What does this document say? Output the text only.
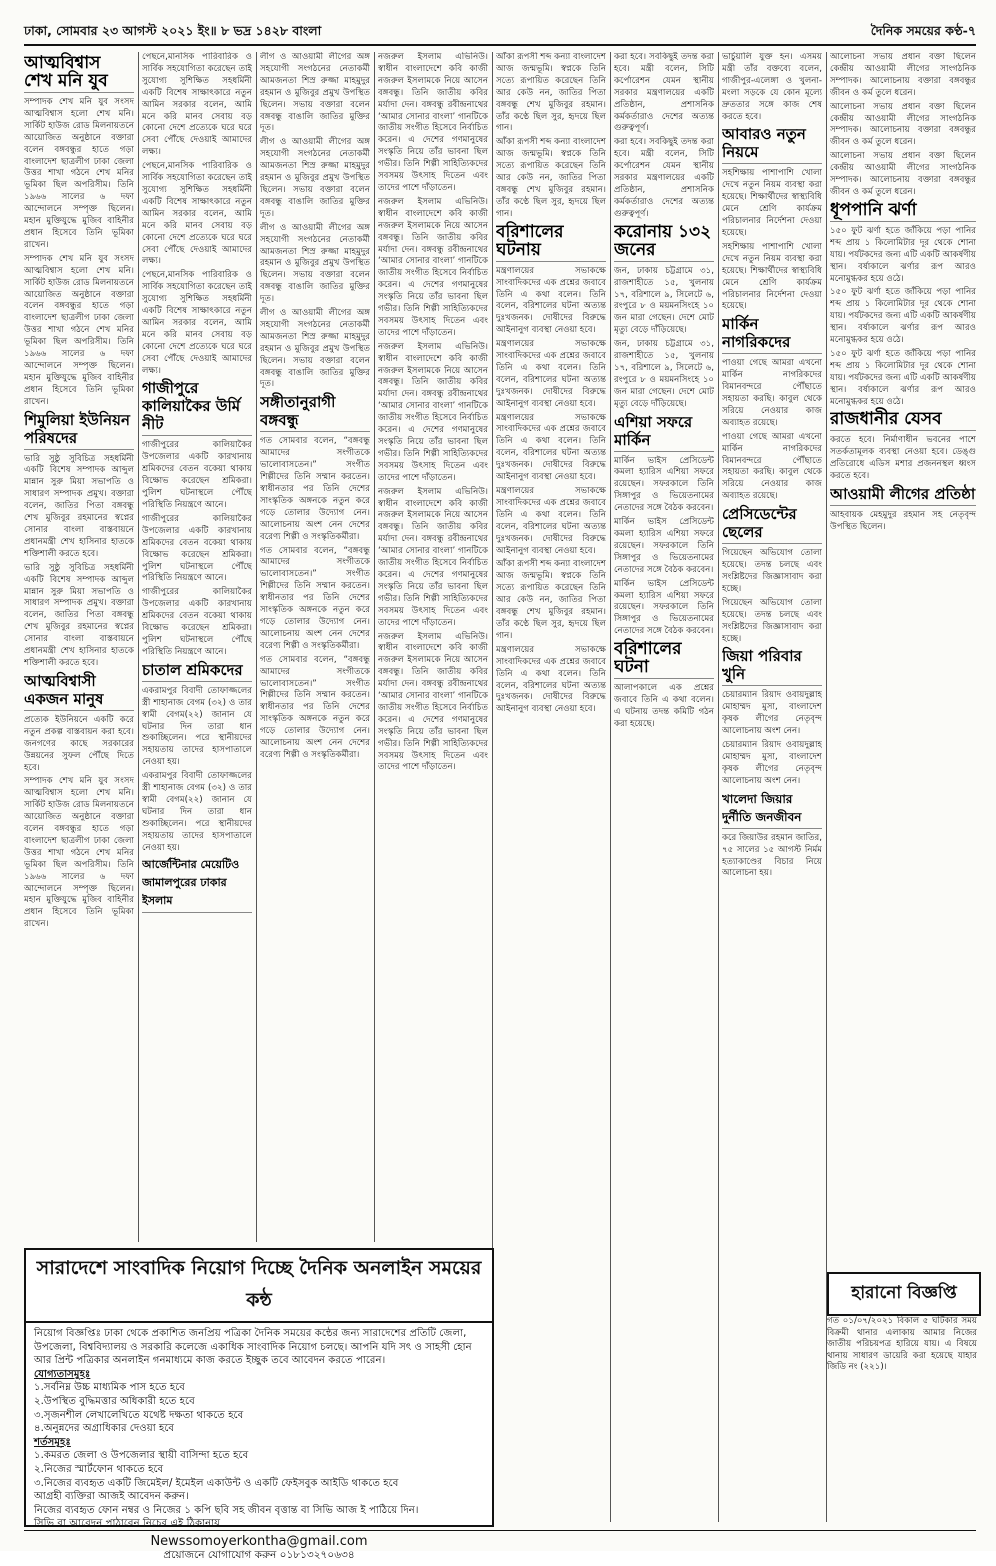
ঢাকা, সোমবার ২৩ আগস্ট ২০২১ ইং॥ ৮ ভদ্র ১৪২৮ বাংলা	দৈনিক সময়ের কণ্ঠ-৭
আত্মবিশ্বাস শেখ মনি যুব

সম্পাদক শেখ মনি যুব সংসদ আত্মবিশ্বাস হলো শেখ মনি। সার্কিট হাউজ রোড মিলনায়তনে আয়োজিত অনুষ্ঠানে বক্তারা বলেন বঙ্গবন্ধুর হাতে গড়া বাংলাদেশ ছাত্রলীগ ঢাকা জেলা উত্তর শাখা গঠনে শেখ মনির ভূমিকা ছিল অপরিসীম। তিনি ১৯৬৬ সালের ৬ দফা আন্দোলনে সম্পৃক্ত ছিলেন। মহান মুক্তিযুদ্ধে মুজিব বাহিনীর প্রধান হিসেবে তিনি ভূমিকা রাখেন।

সম্পাদক শেখ মনি যুব সংসদ আত্মবিশ্বাস হলো শেখ মনি। সার্কিট হাউজ রোড মিলনায়তনে আয়োজিত অনুষ্ঠানে বক্তারা বলেন বঙ্গবন্ধুর হাতে গড়া বাংলাদেশ ছাত্রলীগ ঢাকা জেলা উত্তর শাখা গঠনে শেখ মনির ভূমিকা ছিল অপরিসীম। তিনি ১৯৬৬ সালের ৬ দফা আন্দোলনে সম্পৃক্ত ছিলেন। মহান মুক্তিযুদ্ধে মুজিব বাহিনীর প্রধান হিসেবে তিনি ভূমিকা রাখেন।

শিমুলিয়া ইউনিয়ন পরিষদের

ভারি সুষ্ঠু সুবিচিত্র সহধর্মিনী একটি বিশেষ সম্পাদক আব্দুল মান্নান সুরু মিয়া সভাপতি ও সাধারণ সম্পাদক প্রমুখ। বক্তারা বলেন, জাতির পিতা বঙ্গবন্ধু শেখ মুজিবুর রহমানের স্বপ্নের সোনার বাংলা বাস্তবায়নে প্রধানমন্ত্রী শেখ হাসিনার হাতকে শক্তিশালী করতে হবে।

ভারি সুষ্ঠু সুবিচিত্র সহধর্মিনী একটি বিশেষ সম্পাদক আব্দুল মান্নান সুরু মিয়া সভাপতি ও সাধারণ সম্পাদক প্রমুখ। বক্তারা বলেন, জাতির পিতা বঙ্গবন্ধু শেখ মুজিবুর রহমানের স্বপ্নের সোনার বাংলা বাস্তবায়নে প্রধানমন্ত্রী শেখ হাসিনার হাতকে শক্তিশালী করতে হবে।

আত্মবিশ্বাসী একজন মানুষ

প্রত্যেক ইউনিয়নে একটি করে নতুন প্রকল্প বাস্তবায়ন করা হবে। জনগণের কাছে সরকারের উন্নয়নের সুফল পৌঁছে দিতে হবে।

সম্পাদক শেখ মনি যুব সংসদ আত্মবিশ্বাস হলো শেখ মনি। সার্কিট হাউজ রোড মিলনায়তনে আয়োজিত অনুষ্ঠানে বক্তারা বলেন বঙ্গবন্ধুর হাতে গড়া বাংলাদেশ ছাত্রলীগ ঢাকা জেলা উত্তর শাখা গঠনে শেখ মনির ভূমিকা ছিল অপরিসীম। তিনি ১৯৬৬ সালের ৬ দফা আন্দোলনে সম্পৃক্ত ছিলেন। মহান মুক্তিযুদ্ধে মুজিব বাহিনীর প্রধান হিসেবে তিনি ভূমিকা রাখেন।

পেছনে,মানসিক পারিবারিক ও সার্বিক সহযোগিতা করেছেন তাই সুযোগ্য সুশিক্ষিত সহধর্মিনী একটি বিশেষ সাক্ষাৎকারে নতুন আমিন সরকার বলেন, আমি মনে করি মানব সেবায় বড় কোনো দেশে প্রত্যেকে ঘরে ঘরে সেবা পৌঁছে দেওয়াই আমাদের লক্ষ্য।

পেছনে,মানসিক পারিবারিক ও সার্বিক সহযোগিতা করেছেন তাই সুযোগ্য সুশিক্ষিত সহধর্মিনী একটি বিশেষ সাক্ষাৎকারে নতুন আমিন সরকার বলেন, আমি মনে করি মানব সেবায় বড় কোনো দেশে প্রত্যেকে ঘরে ঘরে সেবা পৌঁছে দেওয়াই আমাদের লক্ষ্য।

পেছনে,মানসিক পারিবারিক ও সার্বিক সহযোগিতা করেছেন তাই সুযোগ্য সুশিক্ষিত সহধর্মিনী একটি বিশেষ সাক্ষাৎকারে নতুন আমিন সরকার বলেন, আমি মনে করি মানব সেবায় বড় কোনো দেশে প্রত্যেকে ঘরে ঘরে সেবা পৌঁছে দেওয়াই আমাদের লক্ষ্য।

গাজীপুরে কালিয়াকৈর উর্মি নীট

গাজীপুরের কালিয়াকৈর উপজেলার একটি কারখানায় শ্রমিকদের বেতন বকেয়া থাকায় বিক্ষোভ করেছেন শ্রমিকরা। পুলিশ ঘটনাস্থলে পৌঁছে পরিস্থিতি নিয়ন্ত্রণে আনে।

গাজীপুরের কালিয়াকৈর উপজেলার একটি কারখানায় শ্রমিকদের বেতন বকেয়া থাকায় বিক্ষোভ করেছেন শ্রমিকরা। পুলিশ ঘটনাস্থলে পৌঁছে পরিস্থিতি নিয়ন্ত্রণে আনে।

গাজীপুরের কালিয়াকৈর উপজেলার একটি কারখানায় শ্রমিকদের বেতন বকেয়া থাকায় বিক্ষোভ করেছেন শ্রমিকরা। পুলিশ ঘটনাস্থলে পৌঁছে পরিস্থিতি নিয়ন্ত্রণে আনে।

চাতাল শ্রমিকদের

একরামপুর বিবাদী তোফাজ্জলের স্ত্রী শাহানাজ বেগম (৩২) ও তার স্বামী বেগম(২২) জানান যে ঘটনার দিন তারা ধান শুকাচ্ছিলেন। পরে স্থানীয়দের সহায়তায় তাদের হাসপাতালে নেওয়া হয়।

একরামপুর বিবাদী তোফাজ্জলের স্ত্রী শাহানাজ বেগম (৩২) ও তার স্বামী বেগম(২২) জানান যে ঘটনার দিন তারা ধান শুকাচ্ছিলেন। পরে স্থানীয়দের সহায়তায় তাদের হাসপাতালে নেওয়া হয়।

আর্জেন্টিনার মেয়েটিও জামালপুরের ঢাকার ইসলাম

লীগ ও আওয়ামী লীগের অঙ্গ সহযোগী সংগঠনের নেতাকর্মী আমজনতা শিস্র রুজ্জা মাহমুদুর রহমান ও মুজিবুর প্রমুখ উপস্থিত ছিলেন। সভায় বক্তারা বলেন বঙ্গবন্ধু বাঙালি জাতির মুক্তির দূত।

লীগ ও আওয়ামী লীগের অঙ্গ সহযোগী সংগঠনের নেতাকর্মী আমজনতা শিস্র রুজ্জা মাহমুদুর রহমান ও মুজিবুর প্রমুখ উপস্থিত ছিলেন। সভায় বক্তারা বলেন বঙ্গবন্ধু বাঙালি জাতির মুক্তির দূত।

লীগ ও আওয়ামী লীগের অঙ্গ সহযোগী সংগঠনের নেতাকর্মী আমজনতা শিস্র রুজ্জা মাহমুদুর রহমান ও মুজিবুর প্রমুখ উপস্থিত ছিলেন। সভায় বক্তারা বলেন বঙ্গবন্ধু বাঙালি জাতির মুক্তির দূত।

লীগ ও আওয়ামী লীগের অঙ্গ সহযোগী সংগঠনের নেতাকর্মী আমজনতা শিস্র রুজ্জা মাহমুদুর রহমান ও মুজিবুর প্রমুখ উপস্থিত ছিলেন। সভায় বক্তারা বলেন বঙ্গবন্ধু বাঙালি জাতির মুক্তির দূত।

সঙ্গীতানুরাগী বঙ্গবন্ধু

গত সোমবার বলেন, “বঙ্গবন্ধু আমাদের সংগীতকে ভালোবাসতেন।” সংগীত শিল্পীদের তিনি সম্মান করতেন। স্বাধীনতার পর তিনি দেশের সাংস্কৃতিক অঙ্গনকে নতুন করে গড়ে তোলার উদ্যোগ নেন। আলোচনায় অংশ নেন দেশের বরেণ্য শিল্পী ও সংস্কৃতিকর্মীরা।

গত সোমবার বলেন, “বঙ্গবন্ধু আমাদের সংগীতকে ভালোবাসতেন।” সংগীত শিল্পীদের তিনি সম্মান করতেন। স্বাধীনতার পর তিনি দেশের সাংস্কৃতিক অঙ্গনকে নতুন করে গড়ে তোলার উদ্যোগ নেন। আলোচনায় অংশ নেন দেশের বরেণ্য শিল্পী ও সংস্কৃতিকর্মীরা।

গত সোমবার বলেন, “বঙ্গবন্ধু আমাদের সংগীতকে ভালোবাসতেন।” সংগীত শিল্পীদের তিনি সম্মান করতেন। স্বাধীনতার পর তিনি দেশের সাংস্কৃতিক অঙ্গনকে নতুন করে গড়ে তোলার উদ্যোগ নেন। আলোচনায় অংশ নেন দেশের বরেণ্য শিল্পী ও সংস্কৃতিকর্মীরা।

নজরুল ইসলাম এভিনিউ। স্বাধীন বাংলাদেশে কবি কাজী নজরুল ইসলামকে নিয়ে আসেন বঙ্গবন্ধু। তিনি জাতীয় কবির মর্যাদা দেন। বঙ্গবন্ধু রবীন্দ্রনাথের ‘আমার সোনার বাংলা’ গানটিকে জাতীয় সংগীত হিসেবে নির্বাচিত করেন। এ দেশের গণমানুষের সংস্কৃতি নিয়ে তাঁর ভাবনা ছিল গভীর। তিনি শিল্পী সাহিত্যিকদের সবসময় উৎসাহ দিতেন এবং তাদের পাশে দাঁড়াতেন।

নজরুল ইসলাম এভিনিউ। স্বাধীন বাংলাদেশে কবি কাজী নজরুল ইসলামকে নিয়ে আসেন বঙ্গবন্ধু। তিনি জাতীয় কবির মর্যাদা দেন। বঙ্গবন্ধু রবীন্দ্রনাথের ‘আমার সোনার বাংলা’ গানটিকে জাতীয় সংগীত হিসেবে নির্বাচিত করেন। এ দেশের গণমানুষের সংস্কৃতি নিয়ে তাঁর ভাবনা ছিল গভীর। তিনি শিল্পী সাহিত্যিকদের সবসময় উৎসাহ দিতেন এবং তাদের পাশে দাঁড়াতেন।

নজরুল ইসলাম এভিনিউ। স্বাধীন বাংলাদেশে কবি কাজী নজরুল ইসলামকে নিয়ে আসেন বঙ্গবন্ধু। তিনি জাতীয় কবির মর্যাদা দেন। বঙ্গবন্ধু রবীন্দ্রনাথের ‘আমার সোনার বাংলা’ গানটিকে জাতীয় সংগীত হিসেবে নির্বাচিত করেন। এ দেশের গণমানুষের সংস্কৃতি নিয়ে তাঁর ভাবনা ছিল গভীর। তিনি শিল্পী সাহিত্যিকদের সবসময় উৎসাহ দিতেন এবং তাদের পাশে দাঁড়াতেন।

নজরুল ইসলাম এভিনিউ। স্বাধীন বাংলাদেশে কবি কাজী নজরুল ইসলামকে নিয়ে আসেন বঙ্গবন্ধু। তিনি জাতীয় কবির মর্যাদা দেন। বঙ্গবন্ধু রবীন্দ্রনাথের ‘আমার সোনার বাংলা’ গানটিকে জাতীয় সংগীত হিসেবে নির্বাচিত করেন। এ দেশের গণমানুষের সংস্কৃতি নিয়ে তাঁর ভাবনা ছিল গভীর। তিনি শিল্পী সাহিত্যিকদের সবসময় উৎসাহ দিতেন এবং তাদের পাশে দাঁড়াতেন।

নজরুল ইসলাম এভিনিউ। স্বাধীন বাংলাদেশে কবি কাজী নজরুল ইসলামকে নিয়ে আসেন বঙ্গবন্ধু। তিনি জাতীয় কবির মর্যাদা দেন। বঙ্গবন্ধু রবীন্দ্রনাথের ‘আমার সোনার বাংলা’ গানটিকে জাতীয় সংগীত হিসেবে নির্বাচিত করেন। এ দেশের গণমানুষের সংস্কৃতি নিয়ে তাঁর ভাবনা ছিল গভীর। তিনি শিল্পী সাহিত্যিকদের সবসময় উৎসাহ দিতেন এবং তাদের পাশে দাঁড়াতেন।

আঁকা রূপসী শব্দ কন্যা বাংলাদেশ আজ জন্মভূমি। স্বপ্নকে তিনি সত্যে রূপায়িত করেছেন তিনি আর কেউ নন, জাতির পিতা বঙ্গবন্ধু শেখ মুজিবুর রহমান। তাঁর কণ্ঠে ছিল সুর, হৃদয়ে ছিল গান।

আঁকা রূপসী শব্দ কন্যা বাংলাদেশ আজ জন্মভূমি। স্বপ্নকে তিনি সত্যে রূপায়িত করেছেন তিনি আর কেউ নন, জাতির পিতা বঙ্গবন্ধু শেখ মুজিবুর রহমান। তাঁর কণ্ঠে ছিল সুর, হৃদয়ে ছিল গান।

বরিশালের ঘটনায়

মন্ত্রণালয়ের সভাকক্ষে সাংবাদিকদের এক প্রশ্নের জবাবে তিনি এ কথা বলেন। তিনি বলেন, বরিশালের ঘটনা অত্যন্ত দুঃখজনক। দোষীদের বিরুদ্ধে আইনানুগ ব্যবস্থা নেওয়া হবে।

মন্ত্রণালয়ের সভাকক্ষে সাংবাদিকদের এক প্রশ্নের জবাবে তিনি এ কথা বলেন। তিনি বলেন, বরিশালের ঘটনা অত্যন্ত দুঃখজনক। দোষীদের বিরুদ্ধে আইনানুগ ব্যবস্থা নেওয়া হবে।

মন্ত্রণালয়ের সভাকক্ষে সাংবাদিকদের এক প্রশ্নের জবাবে তিনি এ কথা বলেন। তিনি বলেন, বরিশালের ঘটনা অত্যন্ত দুঃখজনক। দোষীদের বিরুদ্ধে আইনানুগ ব্যবস্থা নেওয়া হবে।

মন্ত্রণালয়ের সভাকক্ষে সাংবাদিকদের এক প্রশ্নের জবাবে তিনি এ কথা বলেন। তিনি বলেন, বরিশালের ঘটনা অত্যন্ত দুঃখজনক। দোষীদের বিরুদ্ধে আইনানুগ ব্যবস্থা নেওয়া হবে।

আঁকা রূপসী শব্দ কন্যা বাংলাদেশ আজ জন্মভূমি। স্বপ্নকে তিনি সত্যে রূপায়িত করেছেন তিনি আর কেউ নন, জাতির পিতা বঙ্গবন্ধু শেখ মুজিবুর রহমান। তাঁর কণ্ঠে ছিল সুর, হৃদয়ে ছিল গান।

মন্ত্রণালয়ের সভাকক্ষে সাংবাদিকদের এক প্রশ্নের জবাবে তিনি এ কথা বলেন। তিনি বলেন, বরিশালের ঘটনা অত্যন্ত দুঃখজনক। দোষীদের বিরুদ্ধে আইনানুগ ব্যবস্থা নেওয়া হবে।

করা হবে। সবকিছুই তদন্ত করা হবে। মন্ত্রী বলেন, সিটি কর্পোরেশন যেমন স্থানীয় সরকার মন্ত্রণালয়ের একটি প্রতিষ্ঠান, প্রশাসনিক কর্মকর্তারাও দেশের অত্যন্ত গুরুত্বপূর্ণ।

করা হবে। সবকিছুই তদন্ত করা হবে। মন্ত্রী বলেন, সিটি কর্পোরেশন যেমন স্থানীয় সরকার মন্ত্রণালয়ের একটি প্রতিষ্ঠান, প্রশাসনিক কর্মকর্তারাও দেশের অত্যন্ত গুরুত্বপূর্ণ।

করোনায় ১৩২ জনের

জন, ঢাকায় চট্টগ্রামে ৩১, রাজশাহীতে ১৫, খুলনায় ১৭, বরিশালে ৯, সিলেটে ৬, রংপুরে ৮ ও ময়মনসিংহে ১০ জন মারা গেছেন। দেশে মোট মৃত্যু বেড়ে দাঁড়িয়েছে।

জন, ঢাকায় চট্টগ্রামে ৩১, রাজশাহীতে ১৫, খুলনায় ১৭, বরিশালে ৯, সিলেটে ৬, রংপুরে ৮ ও ময়মনসিংহে ১০ জন মারা গেছেন। দেশে মোট মৃত্যু বেড়ে দাঁড়িয়েছে।

এশিয়া সফরে মার্কিন

মার্কিন ভাইস প্রেসিডেন্ট কমলা হ্যারিস এশিয়া সফরে রয়েছেন। সফরকালে তিনি সিঙ্গাপুর ও ভিয়েতনামের নেতাদের সঙ্গে বৈঠক করবেন।

মার্কিন ভাইস প্রেসিডেন্ট কমলা হ্যারিস এশিয়া সফরে রয়েছেন। সফরকালে তিনি সিঙ্গাপুর ও ভিয়েতনামের নেতাদের সঙ্গে বৈঠক করবেন।

মার্কিন ভাইস প্রেসিডেন্ট কমলা হ্যারিস এশিয়া সফরে রয়েছেন। সফরকালে তিনি সিঙ্গাপুর ও ভিয়েতনামের নেতাদের সঙ্গে বৈঠক করবেন।

বরিশালের ঘটনা

আলাপকালে এক প্রশ্নের জবাবে তিনি এ কথা বলেন। এ ঘটনায় তদন্ত কমিটি গঠন করা হয়েছে।

ভার্চুয়ালি যুক্ত হন। এসময় মন্ত্রী তাঁর বক্তব্যে বলেন, গাজীপুর-এলেঙ্গা ও খুলনা-মংলা সড়কে যে কোন মূল্যে দ্রুততার সঙ্গে কাজ শেষ করতে হবে।

আবারও নতুন নিয়মে

সহশিক্ষায় পাশাপাশি খোলা দেখে নতুন নিয়ম ব্যবস্থা করা হয়েছে। শিক্ষার্থীদের স্বাস্থ্যবিধি মেনে শ্রেণি কার্যক্রম পরিচালনার নির্দেশনা দেওয়া হয়েছে।

সহশিক্ষায় পাশাপাশি খোলা দেখে নতুন নিয়ম ব্যবস্থা করা হয়েছে। শিক্ষার্থীদের স্বাস্থ্যবিধি মেনে শ্রেণি কার্যক্রম পরিচালনার নির্দেশনা দেওয়া হয়েছে।

মার্কিন নাগরিকদের

পাওয়া গেছে আমরা এখনো মার্কিন নাগরিকদের বিমানবন্দরে পৌঁছাতে সহায়তা করছি। কাবুল থেকে সরিয়ে নেওয়ার কাজ অব্যাহত রয়েছে।

পাওয়া গেছে আমরা এখনো মার্কিন নাগরিকদের বিমানবন্দরে পৌঁছাতে সহায়তা করছি। কাবুল থেকে সরিয়ে নেওয়ার কাজ অব্যাহত রয়েছে।

প্রেসিডেন্টের ছেলের

গিয়েছেন অভিযোগ তোলা হয়েছে। তদন্ত চলছে এবং সংশ্লিষ্টদের জিজ্ঞাসাবাদ করা হচ্ছে।

গিয়েছেন অভিযোগ তোলা হয়েছে। তদন্ত চলছে এবং সংশ্লিষ্টদের জিজ্ঞাসাবাদ করা হচ্ছে।

জিয়া পরিবার খুনি

চেয়ারম্যান রিয়াদ ওবায়দুল্লাহ মোহাম্মদ মুসা, বাংলাদেশ কৃষক লীগের নেতৃবৃন্দ আলোচনায় অংশ নেন।

চেয়ারম্যান রিয়াদ ওবায়দুল্লাহ মোহাম্মদ মুসা, বাংলাদেশ কৃষক লীগের নেতৃবৃন্দ আলোচনায় অংশ নেন।

খালেদা জিয়ার দুর্নীতি জনজীবন

করে জিয়াউর রহমান জাতির, ৭৫ সালের ১৫ আগস্ট নির্মম হত্যাকাণ্ডের বিচার নিয়ে আলোচনা হয়।

আলোচনা সভায় প্রধান বক্তা ছিলেন কেন্দ্রীয় আওয়ামী লীগের সাংগঠনিক সম্পাদক। আলোচনায় বক্তারা বঙ্গবন্ধুর জীবন ও কর্ম তুলে ধরেন।

আলোচনা সভায় প্রধান বক্তা ছিলেন কেন্দ্রীয় আওয়ামী লীগের সাংগঠনিক সম্পাদক। আলোচনায় বক্তারা বঙ্গবন্ধুর জীবন ও কর্ম তুলে ধরেন।

আলোচনা সভায় প্রধান বক্তা ছিলেন কেন্দ্রীয় আওয়ামী লীগের সাংগঠনিক সম্পাদক। আলোচনায় বক্তারা বঙ্গবন্ধুর জীবন ও কর্ম তুলে ধরেন।

ধূপপানি ঝর্ণা

১৫০ ফুট ঝর্ণা হতে জাঁকিয়ে পড়া পানির শব্দ প্রায় ১ কিলোমিটার দূর থেকে শোনা যায়। পর্যটকদের জন্য এটি একটি আকর্ষণীয় স্থান। বর্ষাকালে ঝর্ণার রূপ আরও মনোমুগ্ধকর হয়ে ওঠে।

১৫০ ফুট ঝর্ণা হতে জাঁকিয়ে পড়া পানির শব্দ প্রায় ১ কিলোমিটার দূর থেকে শোনা যায়। পর্যটকদের জন্য এটি একটি আকর্ষণীয় স্থান। বর্ষাকালে ঝর্ণার রূপ আরও মনোমুগ্ধকর হয়ে ওঠে।

১৫০ ফুট ঝর্ণা হতে জাঁকিয়ে পড়া পানির শব্দ প্রায় ১ কিলোমিটার দূর থেকে শোনা যায়। পর্যটকদের জন্য এটি একটি আকর্ষণীয় স্থান। বর্ষাকালে ঝর্ণার রূপ আরও মনোমুগ্ধকর হয়ে ওঠে।

রাজধানীর যেসব

করতে হবে। নির্মাণাধীন ভবনের পাশে সতর্কতামূলক ব্যবস্থা নেওয়া হবে। ডেঙ্গু প্রতিরোধে এডিস মশার প্রজননস্থল ধ্বংস করতে হবে।

আওয়ামী লীগের প্রতিষ্ঠা

আহবায়ক মেহমুদুর রহমান সহ নেতৃবৃন্দ উপস্থিত ছিলেন।

সারাদেশে সাংবাদিক নিয়োগ দিচ্ছে দৈনিক অনলাইন সময়ের কন্ঠ
নিয়োগ বিজ্ঞপ্তিঃ ঢাকা থেকে প্রকাশিত জনপ্রিয় পত্রিকা দৈনিক সময়ের কন্ঠের জন্য সারাদেশের প্রতিটি জেলা, উপজেলা, বিশ্ববিদ্যালয় ও সরকারি কলেজে একাধিক সাংবাদিক নিয়োগ চলছে। আপনি যদি সৎ ও সাহসী হোন আর প্রিন্ট পত্রিকার অনলাইন গনমাধ্যমে কাজ করতে ইচ্ছুক তবে আবেদন করতে পারেন।
যোগ্যতাসমুহঃ
১.সর্বনিম্ন উচ্চ মাধ্যমিক পাস হতে হবে
২.উপস্থিত বুদ্ধিমত্তার অধিকারী হতে হবে
৩.সৃজনশীল লেখালেখিতে যথেষ্ট দক্ষতা থাকতে হবে
৪.অনুন্নদের অগ্রাধিকার দেওয়া হবে
শর্তসমূহঃ
১.কমরত জেলা ও উপজেলার স্থায়ী বাসিন্দা হতে হবে
২.নিজের স্মার্টফোন থাকতে হবে
৩.নিজের ব্যবহৃত একটি জিমেইল/ ইমেইল একাউন্ট ও একটি ফেইসবুক আইডি থাকতে হবে
আগ্রহী ব্যক্তিরা আজই আবেদন করুন।
নিজের ব্যবহৃত ফোন নম্বর ও নিজের ১ কপি ছবি সহ জীবন বৃত্তান্ত বা সিভি আজ ই পাঠিয়ে দিন।
সিভি বা আবেদন পাঠাবেন নিচের এই ঠিকানায়
Newssomoyerkontha@gmail.com
প্রয়োজনে যোগাযোগ করুন ০১৮১৩২৭০৬৩৪
হারানো বিজ্ঞপ্তি

গত ০১/০৭/২০২১ বিকাল ৫ ঘটিকার সময় বিক্রমী থানার এলাকায় আমার নিজের জাতীয় পরিচয়পত্র হারিয়ে যায়। এ বিষয়ে থানায় সাধারণ ডায়েরি করা হয়েছে যাহার জিডি নং (২২১)।
